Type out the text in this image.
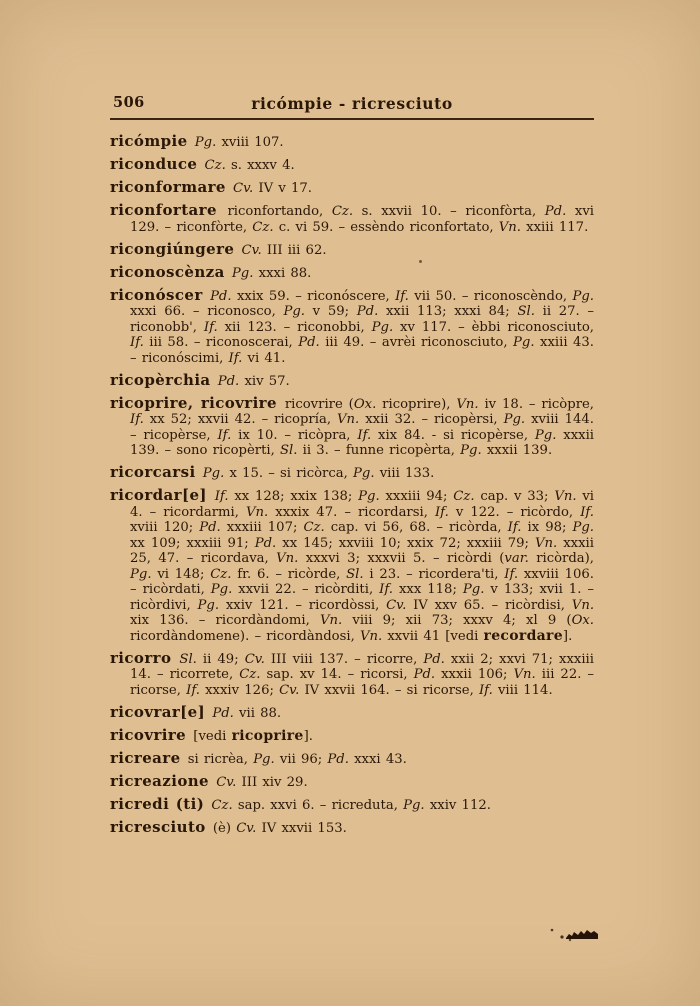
506	ricómpie - ricresciuto

ricómpie Pg. xviii 107.

riconduce Cz. s. xxxv 4.

riconformare Cv. IV v 17.

riconfortare riconfortando, Cz. s. xxvii 10. – riconfòrta, Pd. xvi 129. – riconfòrte, Cz. c. vi 59. – essèndo riconfortato, Vn. xxiii 117.

ricongiúngere Cv. III iii 62.

riconoscènza Pg. xxxi 88.

riconóscer Pd. xxix 59. – riconóscere, If. vii 50. – riconoscèndo, Pg. xxxi 66. – riconosco, Pg. v 59; Pd. xxii 113; xxxi 84; Sl. ii 27. – riconobb', If. xii 123. – riconobbi, Pg. xv 117. – èbbi riconosciuto, If. iii 58. – riconoscerai, Pd. iii 49. – avrèi riconosciuto, Pg. xxiii 43. – riconóscimi, If. vi 41.

ricopèrchia Pd. xiv 57.

ricoprire, ricovrire ricovrire (Ox. ricoprire), Vn. iv 18. – ricòpre, If. xx 52; xxvii 42. – ricopría, Vn. xxii 32. – ricopèrsi, Pg. xviii 144. – ricopèrse, If. ix 10. – ricòpra, If. xix 84. - si ricopèrse, Pg. xxxii 139. – sono ricopèrti, Sl. ii 3. – funne ricopèrta, Pg. xxxii 139.

ricorcarsi Pg. x 15. – si ricòrca, Pg. viii 133.

ricordar[e] If. xx 128; xxix 138; Pg. xxxiii 94; Cz. cap. v 33; Vn. vi 4. – ricordarmi, Vn. xxxix 47. – ricordarsi, If. v 122. – ricòrdo, If. xviii 120; Pd. xxxiii 107; Cz. cap. vi 56, 68. – ricòrda, If. ix 98; Pg. xx 109; xxxiii 91; Pd. xx 145; xxviii 10; xxix 72; xxxiii 79; Vn. xxxii 25, 47. – ricordava, Vn. xxxvi 3; xxxvii 5. – ricòrdi (var. ricòrda), Pg. vi 148; Cz. fr. 6. – ricòrde, Sl. i 23. – ricordera'ti, If. xxviii 106. – ricòrdati, Pg. xxvii 22. – ricòrditi, If. xxx 118; Pg. v 133; xvii 1. – ricòrdivi, Pg. xxiv 121. – ricordòssi, Cv. IV xxv 65. – ricòrdisi, Vn. xix 136. – ricordàndomi, Vn. viii 9; xii 73; xxxv 4; xl 9 (Ox. ricordàndomene). – ricordàndosi, Vn. xxvii 41 [vedi recordare].

ricorro Sl. ii 49; Cv. III viii 137. – ricorre, Pd. xxii 2; xxvi 71; xxxiii 14. – ricorrete, Cz. sap. xv 14. – ricorsi, Pd. xxxii 106; Vn. iii 22. – ricorse, If. xxxiv 126; Cv. IV xxvii 164. – si ricorse, If. viii 114.

ricovrar[e] Pd. vii 88.

ricovrire [vedi ricoprire].

ricreare si ricrèa, Pg. vii 96; Pd. xxxi 43.

ricreazione Cv. III xiv 29.

ricredi (ti) Cz. sap. xxvi 6. – ricreduta, Pg. xxiv 112.

ricresciuto (è) Cv. IV xxvii 153.
